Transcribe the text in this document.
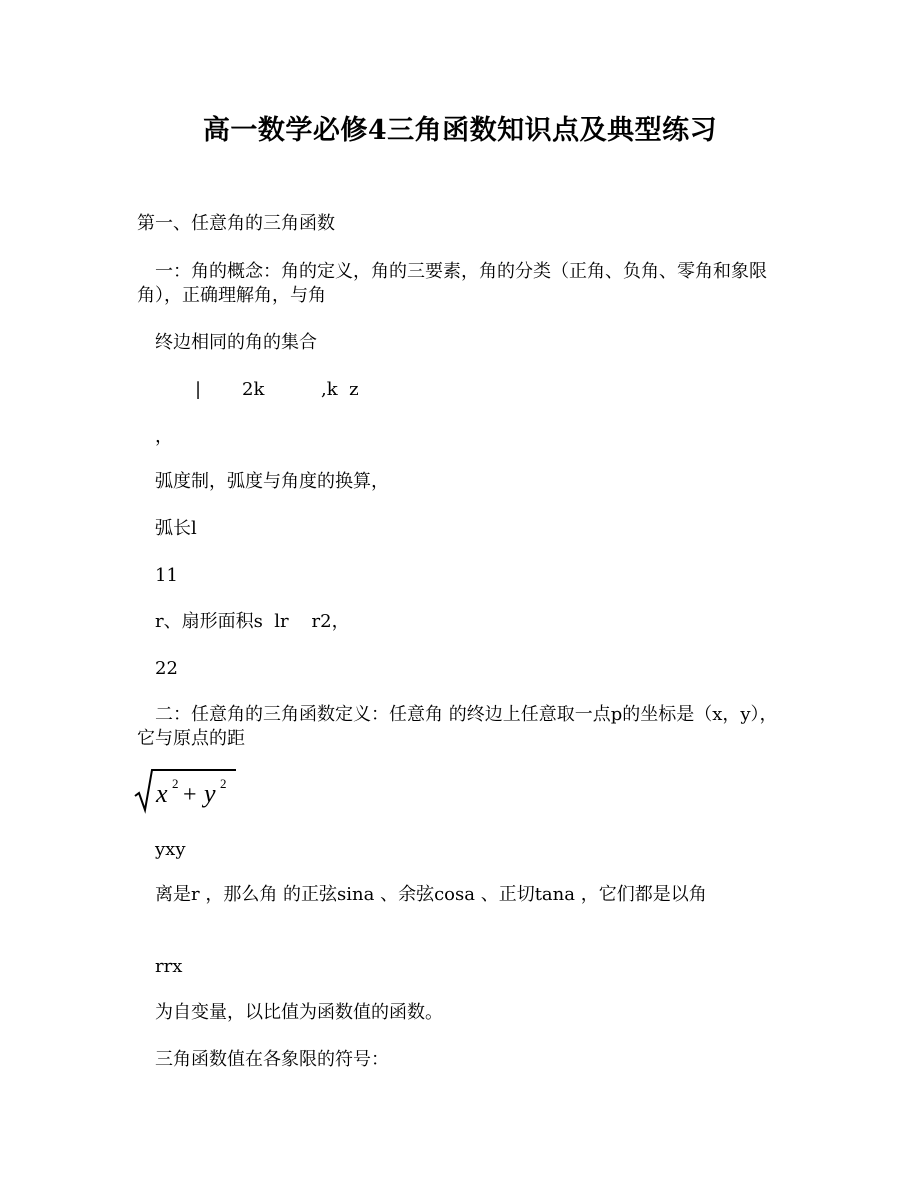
高一数学必修4三角函数知识点及典型练习
第一、任意角的三角函数
一：角的概念：角的定义，角的三要素，角的分类（正角、负角、零角和象限角），正确理解角，与角
终边相同的角的集合
| 2k	,k  z
，
弧度制，弧度与角度的换算，
弧长l
11
r、扇形面积s  lr    r2，
22
二：任意角的三角函数定义：任意角 的终边上任意取一点p的坐标是（x，y），它与原点的距
x 2 + y 2
yxy
离是r ，那么角 的正弦sina 、余弦cosa 、正切tana ，它们都是以角
rrx
为自变量，以比值为函数值的函数。
三角函数值在各象限的符号：
